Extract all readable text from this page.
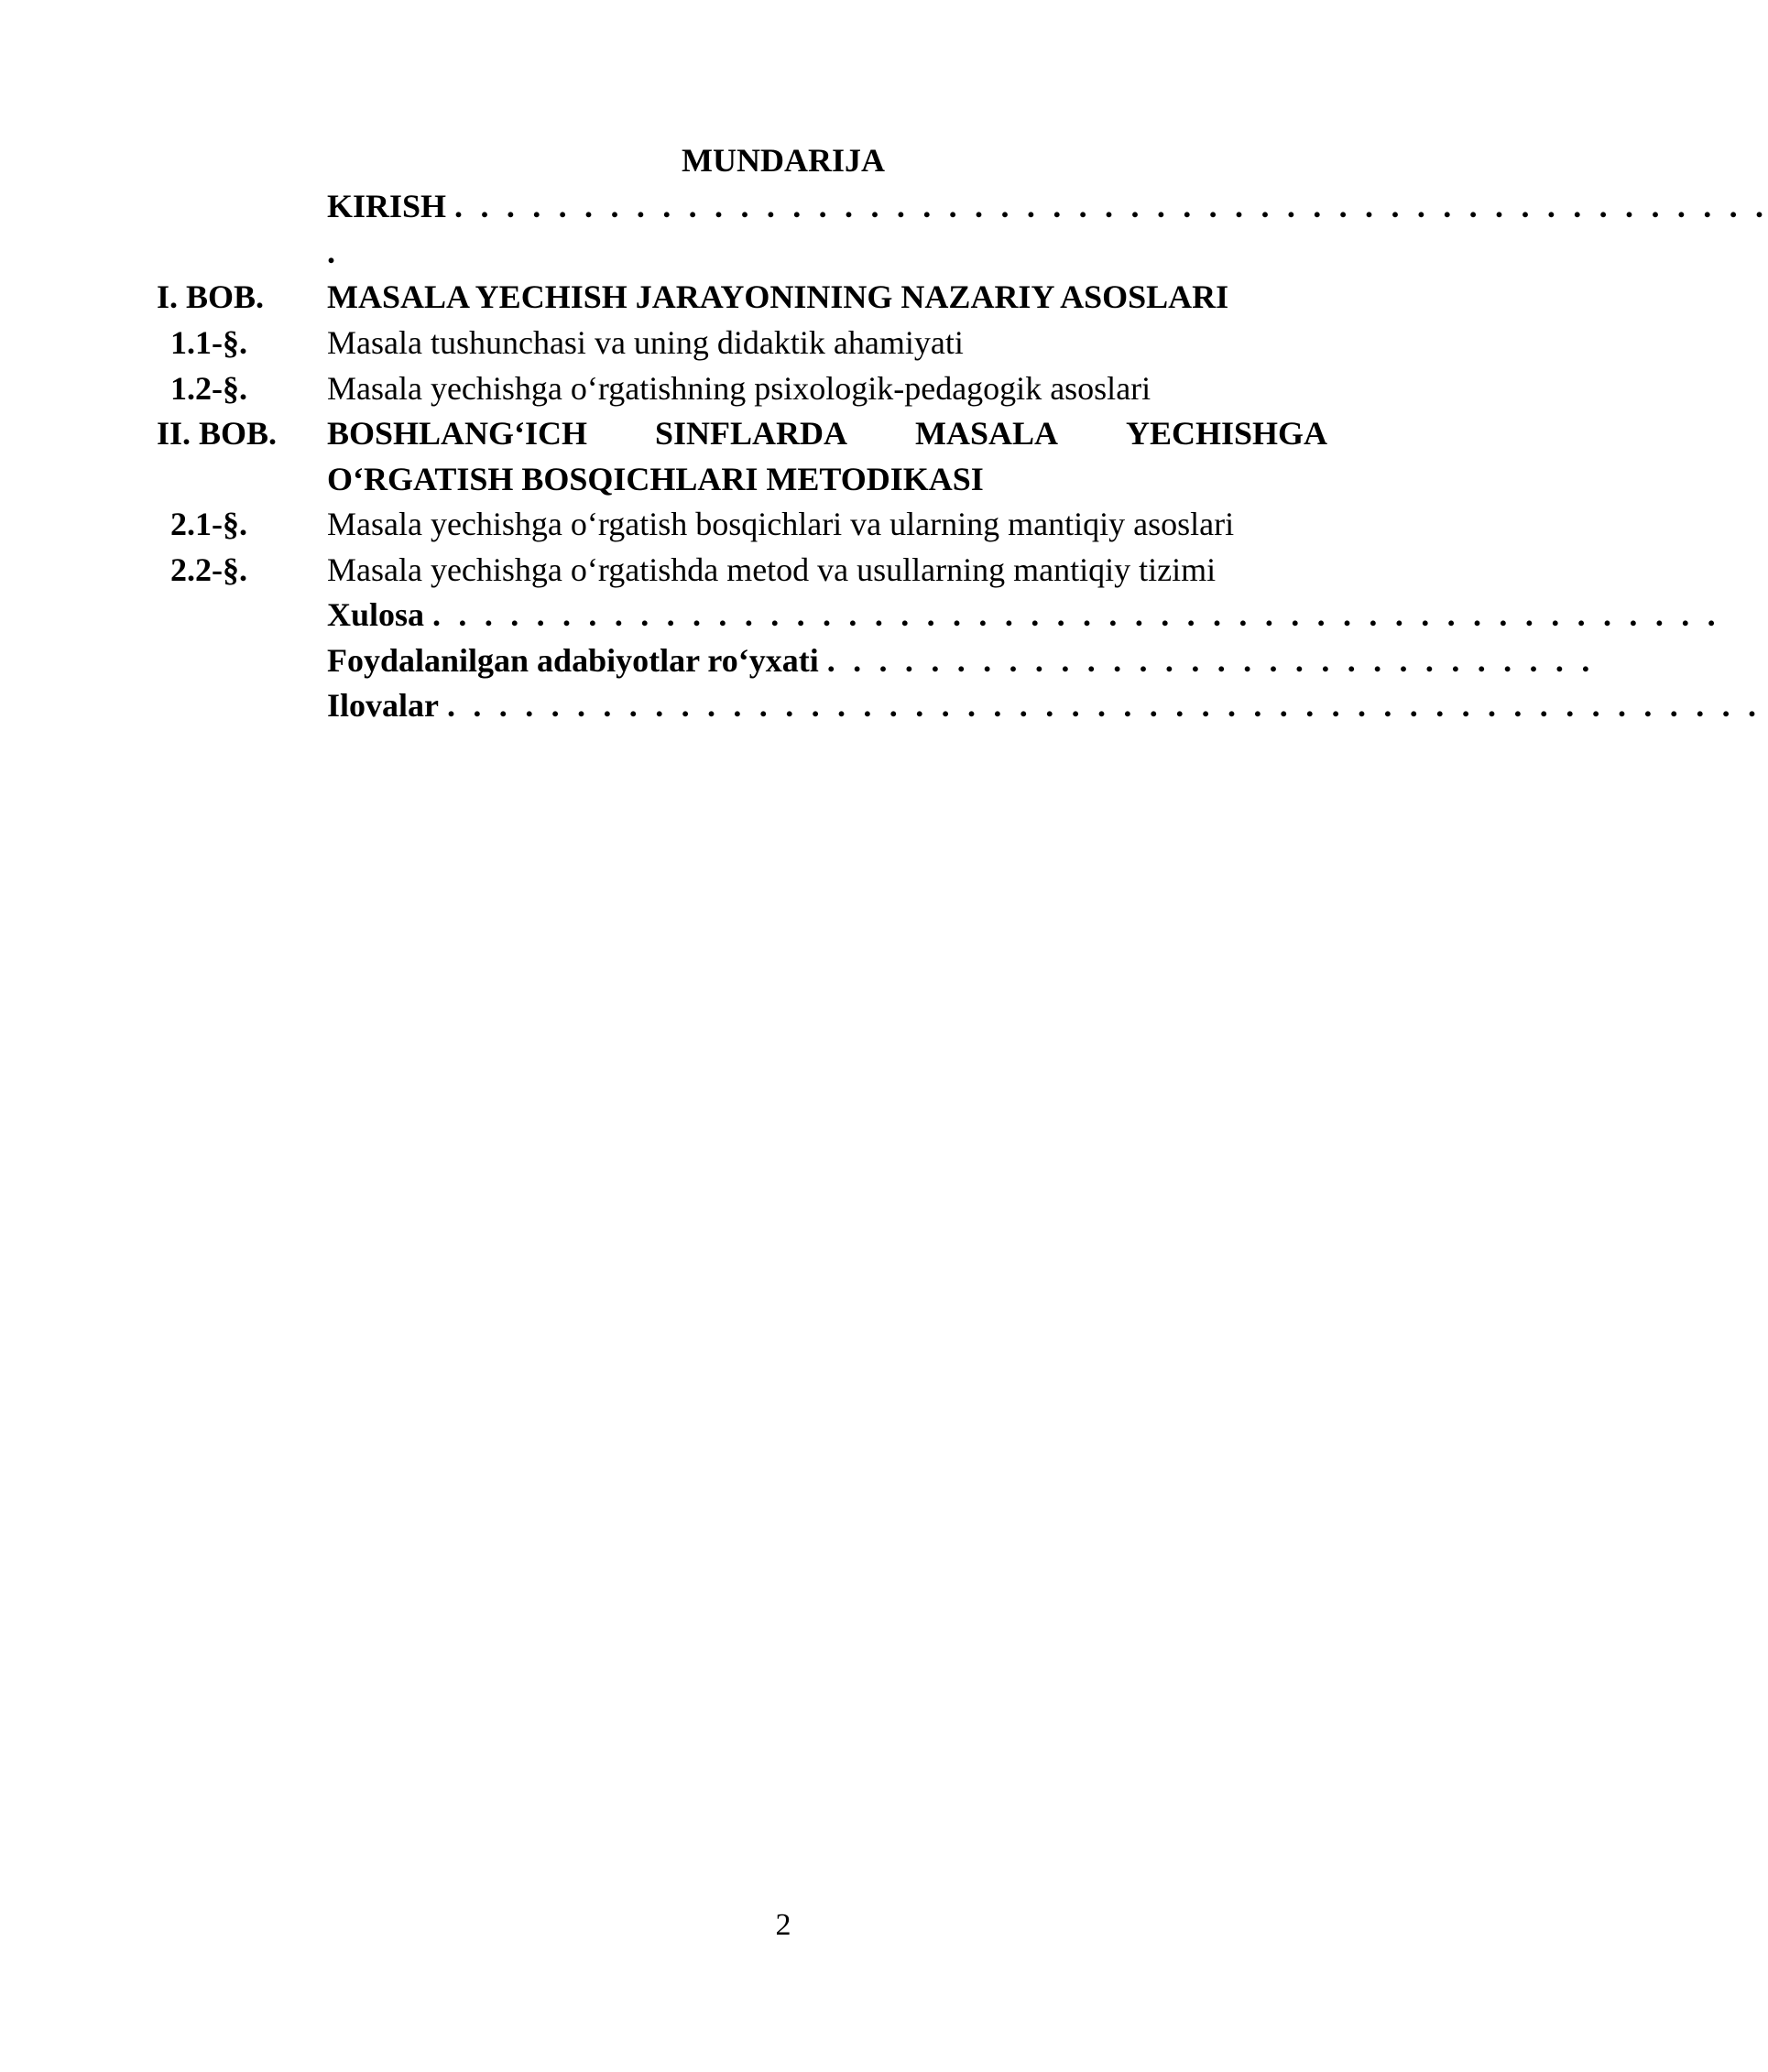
MUNDARIJA
KIRISH . . . . . . . . . . . . . . . . . . . . . . . . . . . . . . . . . . . . . . . . . . . . . . . . . . .
.
I. BOB. MASALA YECHISH JARAYONINING NAZARIY ASOSLARI
1.1-§. Masala tushunchasi va uning didaktik ahamiyati
1.2-§. Masala yechishga o‘rgatishning psixologik-pedagogik asoslari
II. BOB. BOSHLANG‘ICH SINFLARDA MASALA YECHISHGA
O‘RGATISH BOSQICHLARI METODIKASI
2.1-§. Masala yechishga o‘rgatish bosqichlari va ularning mantiqiy asoslari
2.2-§. Masala yechishga o‘rgatishda metod va usullarning mantiqiy tizimi
Xulosa . . . . . . . . . . . . . . . . . . . . . . . . . . . . . . . . . . . . . . . . . . . . . . . . . .
Foydalanilgan adabiyotlar ro‘yxati . . . . . . . . . . . . . . . . . . . . . . . . . . . . . .
Ilovalar . . . . . . . . . . . . . . . . . . . . . . . . . . . . . . . . . . . . . . . . . . . . . . . . . . .
2
